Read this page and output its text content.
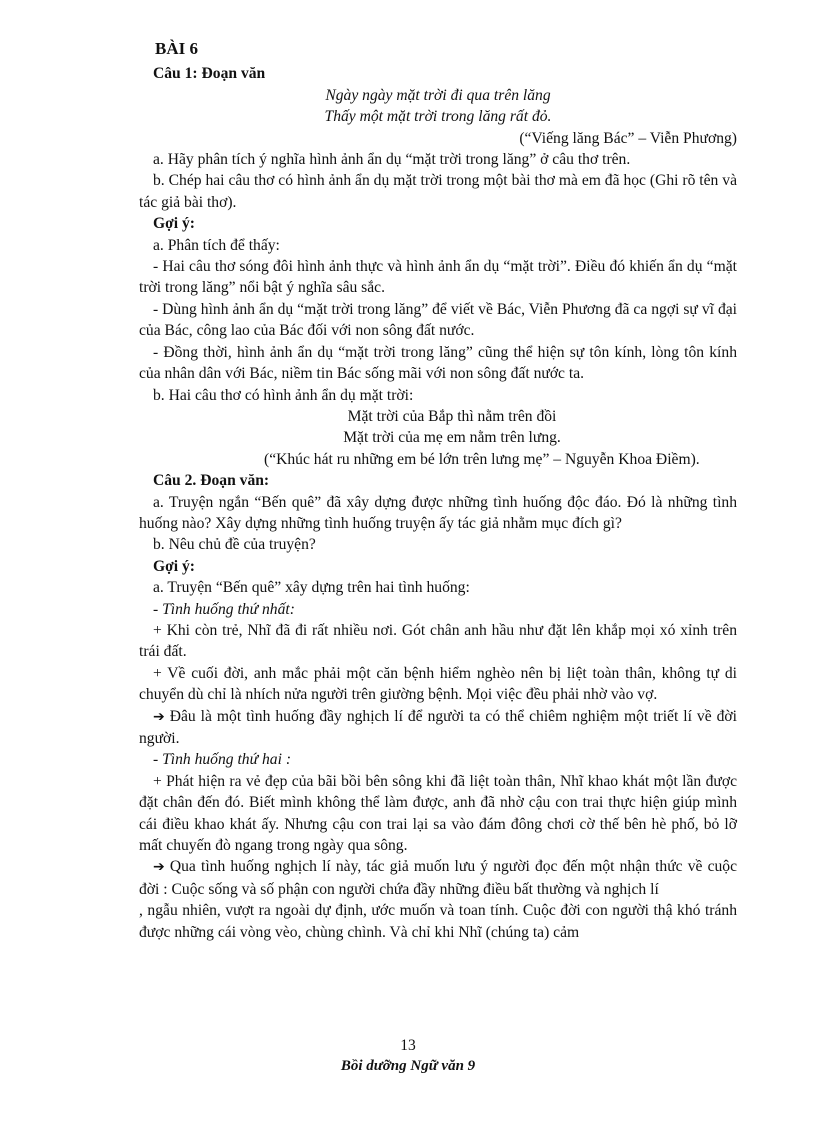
BÀI 6

Câu 1: Đoạn văn

Ngày ngày mặt trời đi qua trên lăng

Thấy một mặt trời trong lăng rất đỏ.

(“Viếng lăng Bác” – Viễn Phương)

a. Hãy phân tích ý nghĩa hình ảnh ẩn dụ “mặt trời trong lăng” ở câu thơ trên.

b. Chép hai câu thơ có hình ảnh ẩn dụ mặt trời trong một bài thơ mà em đã học (Ghi rõ tên và tác giả bài thơ).

Gợi ý:

a. Phân tích để thấy:

- Hai câu thơ sóng đôi hình ảnh thực và hình ảnh ẩn dụ “mặt trời”. Điều đó khiến ẩn dụ “mặt trời trong lăng” nổi bật ý nghĩa sâu sắc.

- Dùng hình ảnh ẩn dụ “mặt trời trong lăng” để viết về Bác, Viễn Phương đã ca ngợi sự vĩ đại của Bác, công lao của Bác đối với non sông đất nước.

- Đồng thời, hình ảnh ẩn dụ “mặt trời trong lăng” cũng thể hiện sự tôn kính, lòng tôn kính của nhân dân với Bác, niềm tin Bác sống mãi với non sông đất nước ta.

b. Hai câu thơ có hình ảnh ẩn dụ mặt trời:

Mặt trời của Bắp thì nằm trên đồi

Mặt trời của mẹ em nằm trên lưng.

(“Khúc hát ru những em bé lớn trên lưng mẹ” – Nguyễn Khoa Điềm).

Câu 2. Đoạn văn:

a. Truyện ngắn “Bến quê” đã xây dựng được những tình huống độc đáo. Đó là những tình huống nào? Xây dựng những tình huống truyện ấy tác giả nhằm mục đích gì?

b. Nêu chủ đề của truyện?

Gợi ý:

a. Truyện “Bến quê” xây dựng trên hai tình huống:

- Tình huống thứ nhất:

+ Khi còn trẻ, Nhĩ đã đi rất nhiều nơi. Gót chân anh hầu như đặt lên khắp mọi xó xỉnh trên trái đất.

+ Về cuối đời, anh mắc phải một căn bệnh hiểm nghèo nên bị liệt toàn thân, không tự di chuyển dù chỉ là nhích nửa người trên giường bệnh. Mọi việc đều phải nhờ vào vợ.

➔ Đâu là một tình huống đầy nghịch lí để người ta có thể chiêm nghiệm một triết lí về đời người.

- Tình huống thứ hai :

+ Phát hiện ra vẻ đẹp của bãi bồi bên sông khi đã liệt toàn thân, Nhĩ khao khát một lần được đặt chân đến đó. Biết mình không thể làm được, anh đã nhờ cậu con trai thực hiện giúp mình cái điều khao khát ấy. Nhưng cậu con trai lại sa vào đám đông chơi cờ thế bên hè phố, bỏ lỡ mất chuyến đò ngang trong ngày qua sông.

➔ Qua tình huống nghịch lí này, tác giả muốn lưu ý người đọc đến một nhận thức về cuộc đời : Cuộc sống và số phận con người chứa đầy những điều bất thường và nghịch lí

, ngẫu nhiên, vượt ra ngoài dự định, ước muốn và toan tính. Cuộc đời con người thậ khó tránh được những cái vòng vèo, chùng chình. Và chỉ khi Nhĩ (chúng ta) cảm

13
Bồi dưỡng Ngữ văn 9
